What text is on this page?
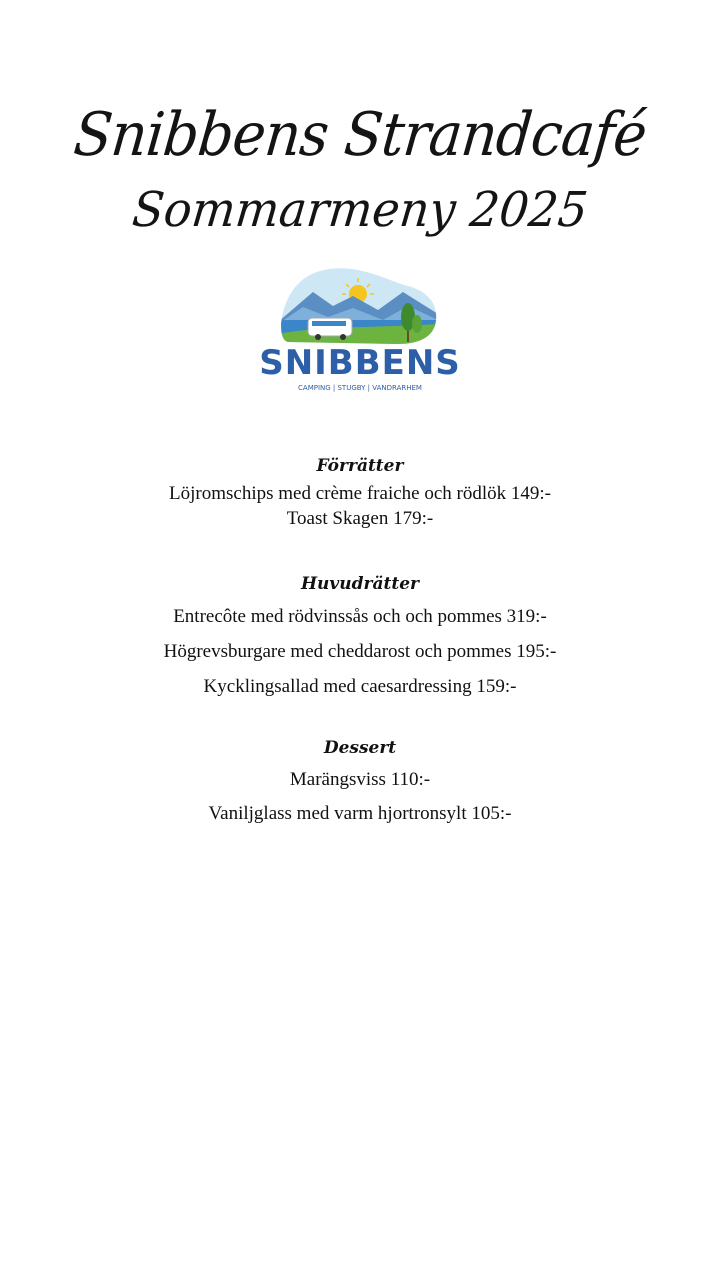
Snibbens Strandcafé
Sommarmeny 2025
SNIBBENS
CAMPING | STUGBY | VANDRARHEM
Förrätter
Löjromschips med crème fraiche och rödlök 149:-
Toast Skagen 179:-
Huvudrätter
Entrecôte med rödvinssås och och pommes 319:-
Högrevsburgare med cheddarost och pommes 195:-
Kycklingsallad med caesardressing 159:-
Dessert
Marängsviss 110:-
Vaniljglass med varm hjortronsylt 105:-
